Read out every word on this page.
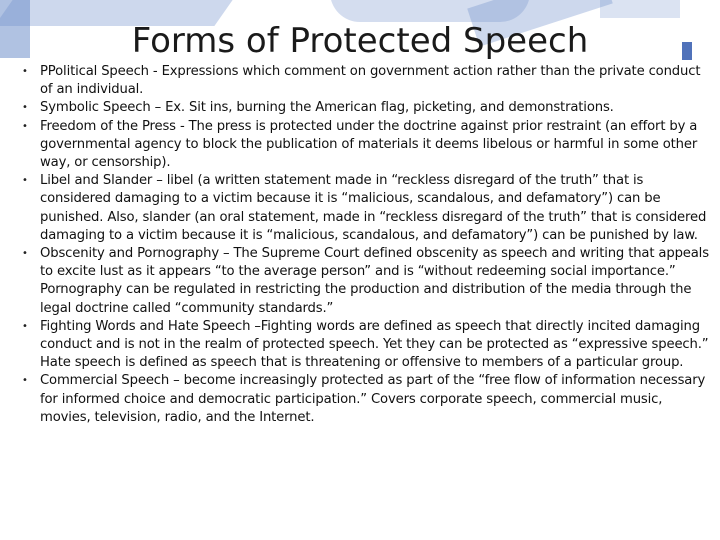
Forms of Protected Speech
• PPolitical Speech - Expressions which comment on government action rather than the private conduct of an individual.
• Symbolic Speech – Ex. Sit ins, burning the American flag, picketing, and demonstrations.
• Freedom of the Press - The press is protected under the doctrine against prior restraint (an effort by a governmental agency to block the publication of materials it deems libelous or harmful in some other way, or censorship).
• Libel and Slander – libel (a written statement made in “reckless disregard of the truth” that is considered damaging to a victim because it is “malicious, scandalous, and defamatory”) can be punished. Also, slander (an oral statement, made in “reckless disregard of the truth” that is considered damaging to a victim because it is “malicious, scandalous, and defamatory”) can be punished by law.
• Obscenity and Pornography – The Supreme Court defined obscenity as speech and writing that appeals to excite lust as it appears “to the average person” and is “without redeeming social importance.” Pornography can be regulated in restricting the production and distribution of the media through the legal doctrine called “community standards.”
• Fighting Words and Hate Speech –Fighting words are defined as speech that directly incited damaging conduct and is not in the realm of protected speech. Yet they can be protected as “expressive speech.” Hate speech is defined as speech that is threatening or offensive to members of a particular group.
• Commercial Speech – become increasingly protected as part of the “free flow of information necessary for informed choice and democratic participation.” Covers corporate speech, commercial music, movies, television, radio, and the Internet.
